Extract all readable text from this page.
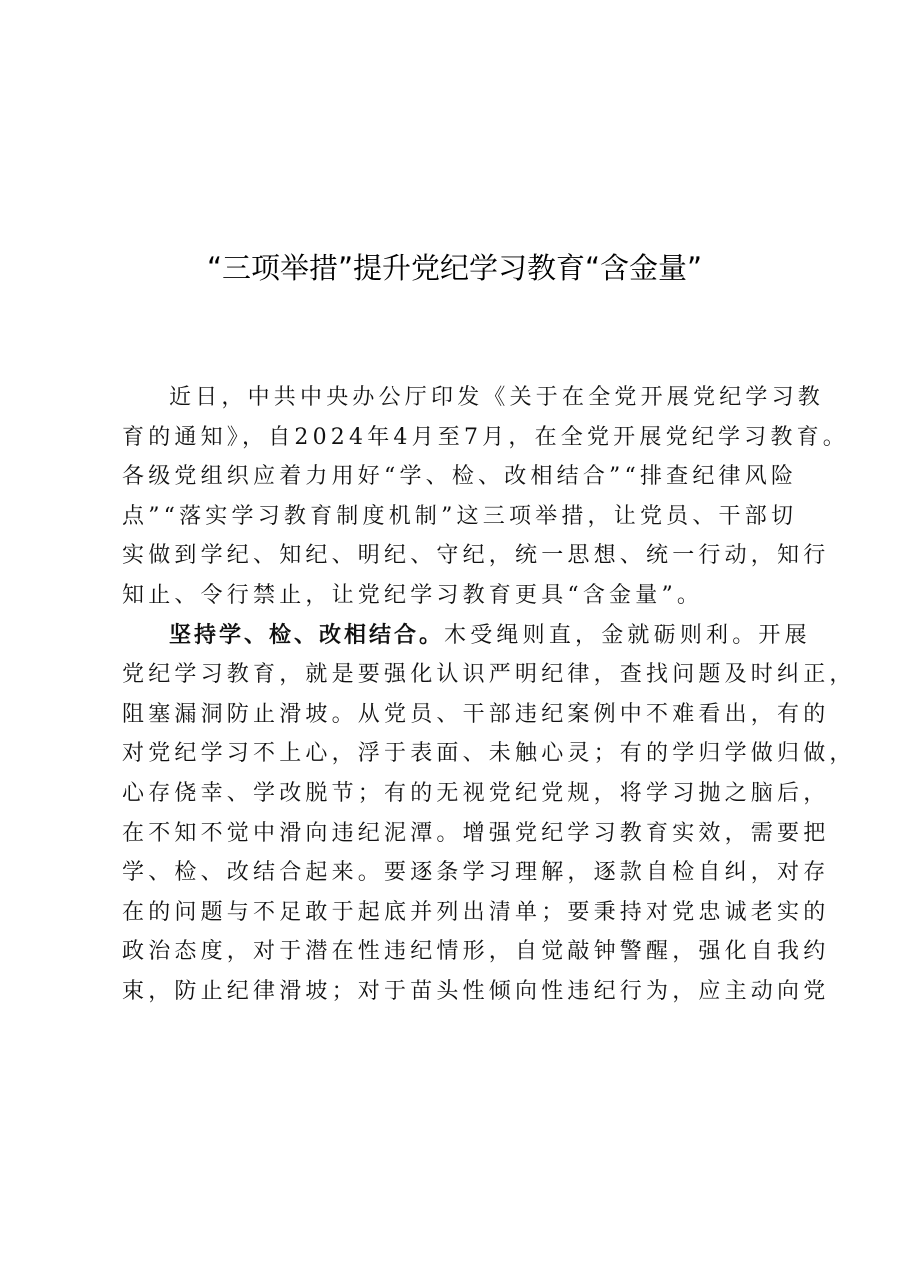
“三项举措”提升党纪学习教育“含金量”
近日，中共中央办公厅印发《关于在全党开展党纪学习教
育的通知》，自2024年4月至7月，在全党开展党纪学习教育。
各级党组织应着力用好“学、检、改相结合”“排查纪律风险
点”“落实学习教育制度机制”这三项举措，让党员、干部切
实做到学纪、知纪、明纪、守纪，统一思想、统一行动，知行
知止、令行禁止，让党纪学习教育更具“含金量”。
坚持学、检、改相结合。木受绳则直，金就砺则利。开展
党纪学习教育，就是要强化认识严明纪律，查找问题及时纠正，
阻塞漏洞防止滑坡。从党员、干部违纪案例中不难看出，有的
对党纪学习不上心，浮于表面、未触心灵；有的学归学做归做，
心存侥幸、学改脱节；有的无视党纪党规，将学习抛之脑后，
在不知不觉中滑向违纪泥潭。增强党纪学习教育实效，需要把
学、检、改结合起来。要逐条学习理解，逐款自检自纠，对存
在的问题与不足敢于起底并列出清单；要秉持对党忠诚老实的
政治态度，对于潜在性违纪情形，自觉敲钟警醒，强化自我约
束，防止纪律滑坡；对于苗头性倾向性违纪行为，应主动向党
